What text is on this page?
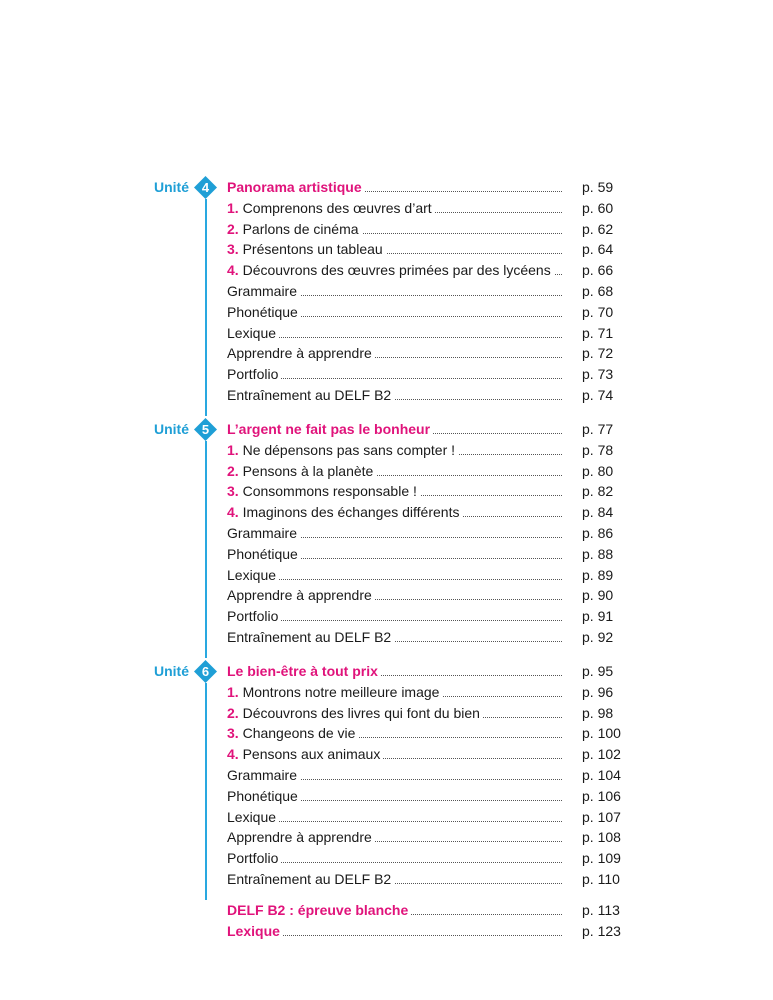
Unité 4 Panorama artistique	p. 59
1. Comprenons des œuvres d’art	p. 60
2. Parlons de cinéma	p. 62
3. Présentons un tableau	p. 64
4. Découvrons des œuvres primées par des lycéens p. 66
Grammaire	p. 68
Phonétique	p. 70
Lexique	p. 71
Apprendre à apprendre	p. 72
Portfolio	p. 73
Entraînement au DELF B2	p. 74
Unité 5 L’argent ne fait pas le bonheur	p. 77
1. Ne dépensons pas sans compter !	p. 78
2. Pensons à la planète	p. 80
3. Consommons responsable !	p. 82
4. Imaginons des échanges différents	p. 84
Grammaire	p. 86
Phonétique	p. 88
Lexique	p. 89
Apprendre à apprendre	p. 90
Portfolio	p. 91
Entraînement au DELF B2	p. 92
Unité 6 Le bien-être à tout prix	p. 95
1. Montrons notre meilleure image	p. 96
2. Découvrons des livres qui font du bien	p. 98
3. Changeons de vie	p. 100
4. Pensons aux animaux	p. 102
Grammaire	p. 104
Phonétique	p. 106
Lexique	p. 107
Apprendre à apprendre	p. 108
Portfolio	p. 109
Entraînement au DELF B2	p. 110
DELF B2 : épreuve blanche	p. 113
Lexique	p. 123
